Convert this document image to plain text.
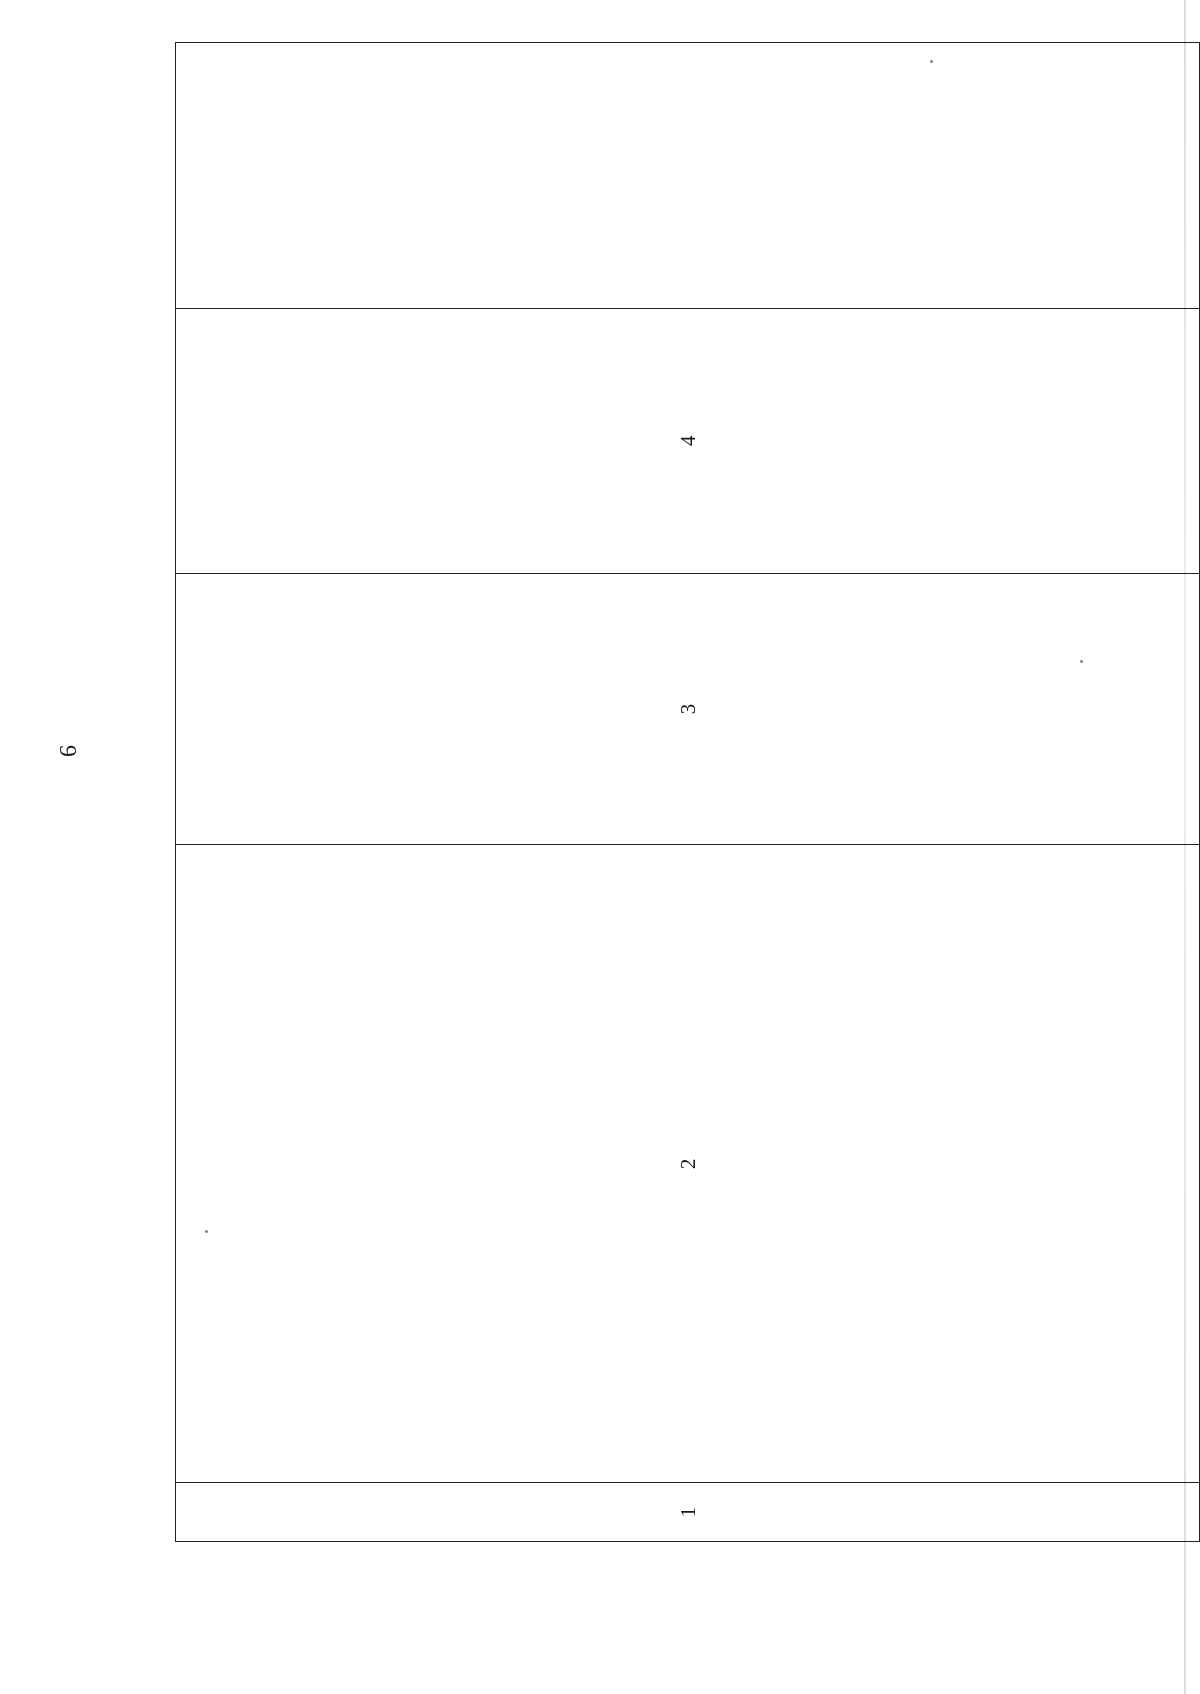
9
1	2	3	4	
